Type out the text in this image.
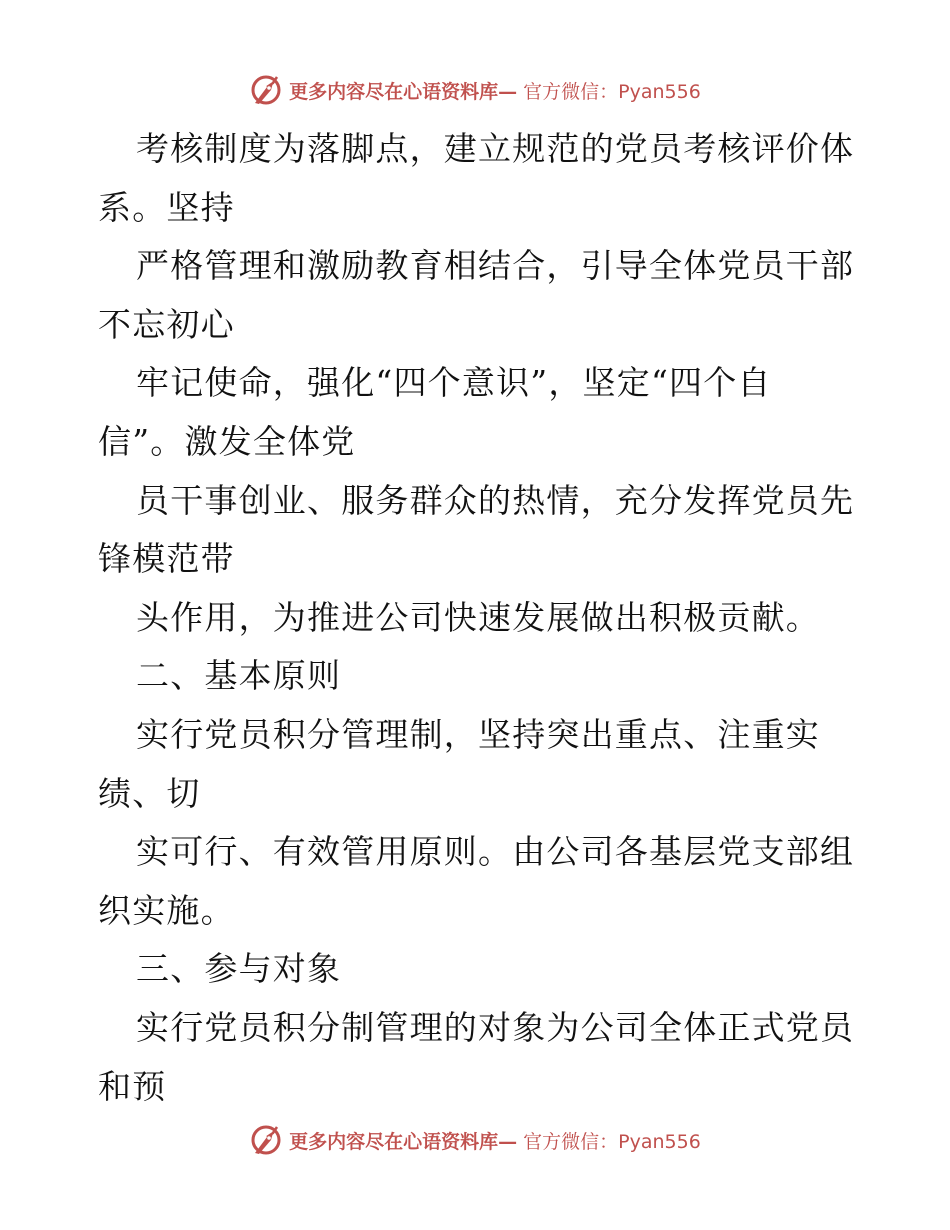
更多内容尽在心语资料库— 官方微信：Pyan556
考核制度为落脚点，建立规范的党员考核评价体
系。坚持
严格管理和激励教育相结合，引导全体党员干部
不忘初心
牢记使命，强化“四个意识”，坚定“四个自
信”。激发全体党
员干事创业、服务群众的热情，充分发挥党员先
锋模范带
头作用，为推进公司快速发展做出积极贡献。
二、基本原则
实行党员积分管理制，坚持突出重点、注重实
绩、切
实可行、有效管用原则。由公司各基层党支部组
织实施。
三、参与对象
实行党员积分制管理的对象为公司全体正式党员
和预
更多内容尽在心语资料库— 官方微信：Pyan556
